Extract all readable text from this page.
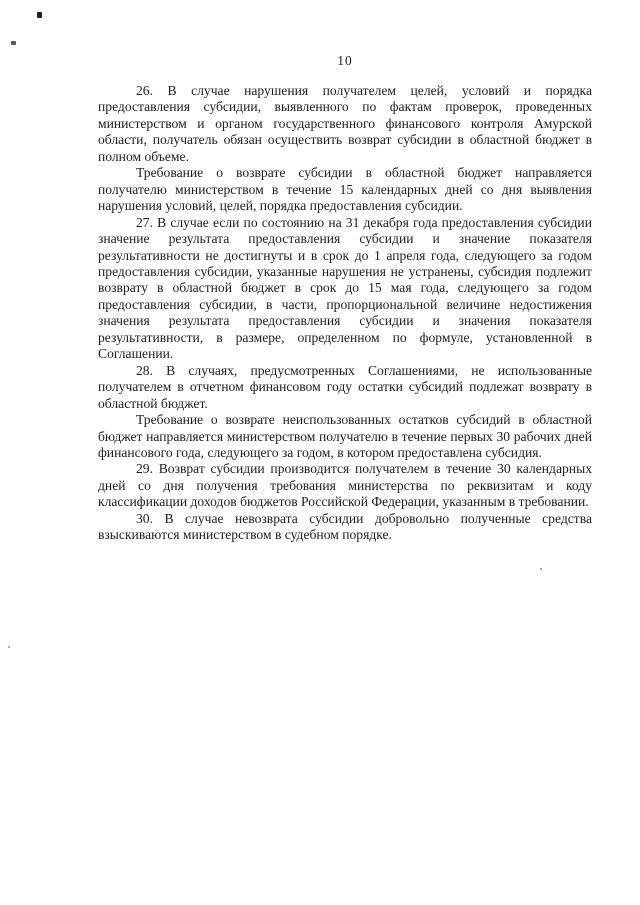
10

26. В случае нарушения получателем целей, условий и порядка предоставления субсидии, выявленного по фактам проверок, проведенных министерством и органом государственного финансового контроля Амурской области, получатель обязан осуществить возврат субсидии в областной бюджет в полном объеме.

Требование о возврате субсидии в областной бюджет направляется получателю министерством в течение 15 календарных дней со дня выявления нарушения условий, целей, порядка предоставления субсидии.

27. В случае если по состоянию на 31 декабря года предоставления субсидии значение результата предоставления субсидии и значение показателя результативности не достигнуты и в срок до 1 апреля года, следующего за годом предоставления субсидии, указанные нарушения не устранены, субсидия подлежит возврату в областной бюджет в срок до 15 мая года, следующего за годом предоставления субсидии, в части, пропорциональной величине недостижения значения результата предоставления субсидии и значения показателя результативности, в размере, определенном по формуле, установленной в Соглашении.

28. В случаях, предусмотренных Соглашениями, не использованные получателем в отчетном финансовом году остатки субсидий подлежат возврату в областной бюджет.

Требование о возврате неиспользованных остатков субсидий в областной бюджет направляется министерством получателю в течение первых 30 рабочих дней финансового года, следующего за годом, в котором предоставлена субсидия.

29. Возврат субсидии производится получателем в течение 30 календарных дней со дня получения требования министерства по реквизитам и коду классификации доходов бюджетов Российской Федерации, указанным в требовании.

30. В случае невозврата субсидии добровольно полученные средства взыскиваются министерством в судебном порядке.
